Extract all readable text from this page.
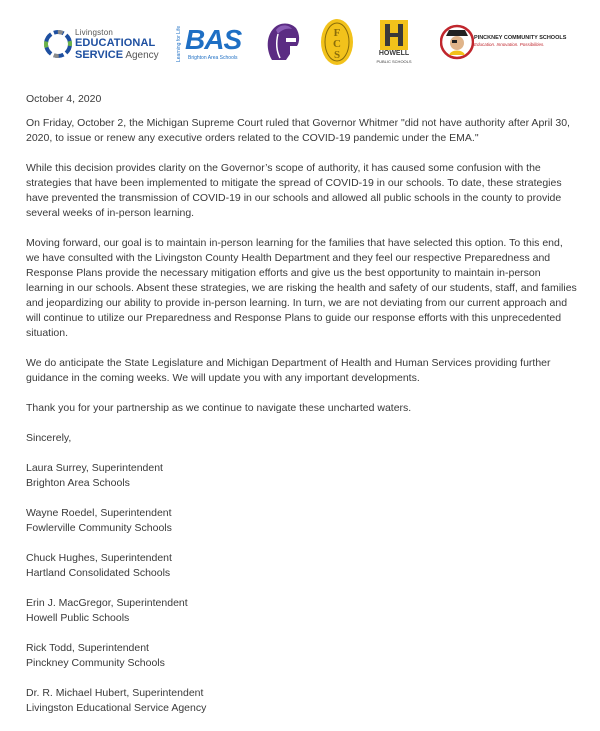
Livingston
EDUCATIONAL
SERVICE Agency	Learning for Life BAS
Brighton Area Schools
F
C
S	HOWELL
PUBLIC SCHOOLS
PINCKNEY COMMUNITY SCHOOLS
Education. Innovation. Possibilities.

October 4, 2020

On Friday, October 2, the Michigan Supreme Court ruled that Governor Whitmer "did not have authority after April 30, 2020, to issue or renew any executive orders related to the COVID-19 pandemic under the EMA."

While this decision provides clarity on the Governor’s scope of authority, it has caused some confusion with the strategies that have been implemented to mitigate the spread of COVID-19 in our schools. To date, these strategies have prevented the transmission of COVID-19 in our schools and allowed all public schools in the county to provide several weeks of in-person learning.

Moving forward, our goal is to maintain in-person learning for the families that have selected this option. To this end, we have consulted with the Livingston County Health Department and they feel our respective Preparedness and Response Plans provide the necessary mitigation efforts and give us the best opportunity to maintain in-person learning in our schools. Absent these strategies, we are risking the health and safety of our students, staff, and families and jeopardizing our ability to provide in-person learning. In turn, we are not deviating from our current approach and will continue to utilize our Preparedness and Response Plans to guide our response efforts with this unprecedented situation.

We do anticipate the State Legislature and Michigan Department of Health and Human Services providing further guidance in the coming weeks. We will update you with any important developments.

Thank you for your partnership as we continue to navigate these uncharted waters.

Sincerely,

Laura Surrey, Superintendent

Brighton Area Schools

Wayne Roedel, Superintendent

Fowlerville Community Schools

Chuck Hughes, Superintendent

Hartland Consolidated Schools

Erin J. MacGregor, Superintendent

Howell Public Schools

Rick Todd, Superintendent

Pinckney Community Schools

Dr. R. Michael Hubert, Superintendent

Livingston Educational Service Agency
